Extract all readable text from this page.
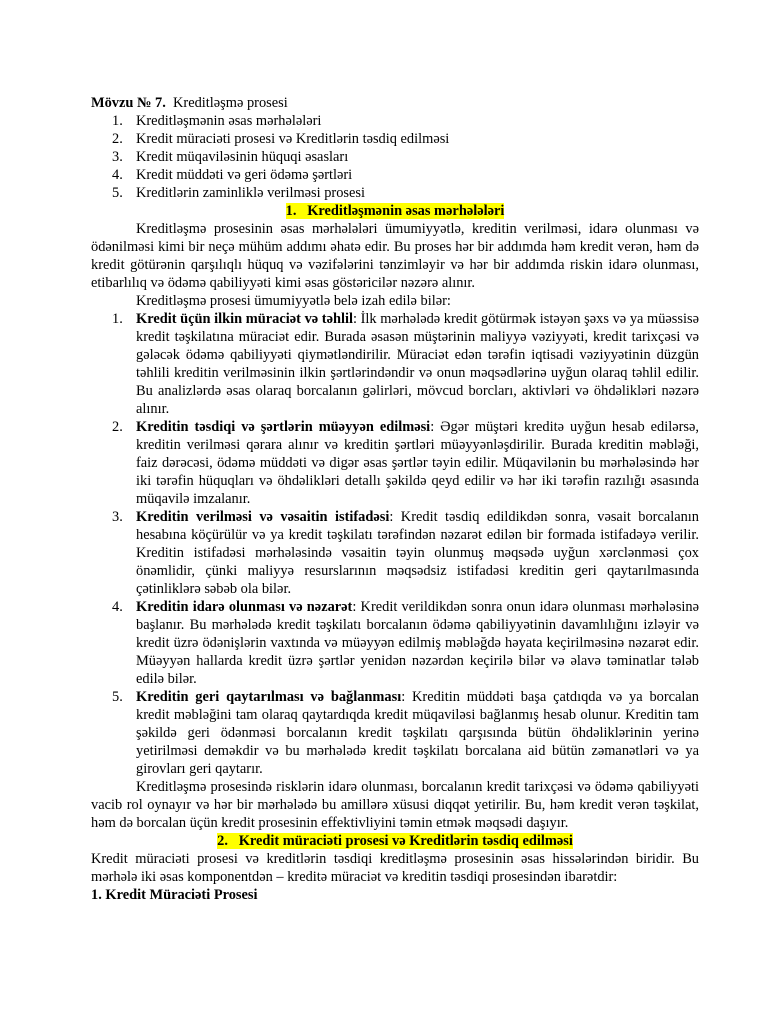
Mövzu № 7. Kreditləşmə prosesi

1. Kreditləşmənin əsas mərhələləri
2. Kredit müraciəti prosesi və Kreditlərin təsdiq edilməsi
3. Kredit müqaviləsinin hüquqi əsasları
4. Kredit müddəti və geri ödəmə şərtləri
5. Kreditlərin zaminliklə verilməsi prosesi

1.   Kreditləşmənin əsas mərhələləri

Kreditləşmə prosesinin əsas mərhələləri ümumiyyətlə, kreditin verilməsi, idarə olunması və ödənilməsi kimi bir neçə mühüm addımı əhatə edir. Bu proses hər bir addımda həm kredit verən, həm də kredit götürənin qarşılıqlı hüquq və vəzifələrini tənzimləyir və hər bir addımda riskin idarə olunması, etibarlılıq və ödəmə qabiliyyəti kimi əsas göstəricilər nəzərə alınır.

Kreditləşmə prosesi ümumiyyətlə belə izah edilə bilər:

1. Kredit üçün ilkin müraciət və təhlil: İlk mərhələdə kredit götürmək istəyən şəxs və ya müəssisə kredit təşkilatına müraciət edir. Burada əsasən müştərinin maliyyə vəziyyəti, kredit tarixçəsi və gələcək ödəmə qabiliyyəti qiymətləndirilir. Müraciət edən tərəfin iqtisadi vəziyyətinin düzgün təhlili kreditin verilməsinin ilkin şərtlərindəndir və onun məqsədlərinə uyğun olaraq təhlil edilir. Bu analizlərdə əsas olaraq borcalanın gəlirləri, mövcud borcları, aktivləri və öhdəlikləri nəzərə alınır.
2. Kreditin təsdiqi və şərtlərin müəyyən edilməsi: Əgər müştəri kreditə uyğun hesab edilərsə, kreditin verilməsi qərara alınır və kreditin şərtləri müəyyənləşdirilir. Burada kreditin məbləği, faiz dərəcəsi, ödəmə müddəti və digər əsas şərtlər təyin edilir. Müqavilənin bu mərhələsində hər iki tərəfin hüquqları və öhdəlikləri detallı şəkildə qeyd edilir və hər iki tərəfin razılığı əsasında müqavilə imzalanır.
3. Kreditin verilməsi və vəsaitin istifadəsi: Kredit təsdiq edildikdən sonra, vəsait borcalanın hesabına köçürülür və ya kredit təşkilatı tərəfindən nəzarət edilən bir formada istifadəyə verilir. Kreditin istifadəsi mərhələsində vəsaitin təyin olunmuş məqsədə uyğun xərclənməsi çox önəmlidir, çünki maliyyə resurslarının məqsədsiz istifadəsi kreditin geri qaytarılmasında çətinliklərə səbəb ola bilər.
4. Kreditin idarə olunması və nəzarət: Kredit verildikdən sonra onun idarə olunması mərhələsinə başlanır. Bu mərhələdə kredit təşkilatı borcalanın ödəmə qabiliyyətinin davamlılığını izləyir və kredit üzrə ödənişlərin vaxtında və müəyyən edilmiş məbləğdə həyata keçirilməsinə nəzarət edir. Müəyyən hallarda kredit üzrə şərtlər yenidən nəzərdən keçirilə bilər və əlavə təminatlar tələb edilə bilər.
5. Kreditin geri qaytarılması və bağlanması: Kreditin müddəti başa çatdıqda və ya borcalan kredit məbləğini tam olaraq qaytardıqda kredit müqaviləsi bağlanmış hesab olunur. Kreditin tam şəkildə geri ödənməsi borcalanın kredit təşkilatı qarşısında bütün öhdəliklərinin yerinə yetirilməsi deməkdir və bu mərhələdə kredit təşkilatı borcalana aid bütün zəmanətləri və ya girovları geri qaytarır.

Kreditləşmə prosesində risklərin idarə olunması, borcalanın kredit tarixçəsi və ödəmə qabiliyyəti vacib rol oynayır və hər bir mərhələdə bu amillərə xüsusi diqqət yetirilir. Bu, həm kredit verən təşkilat, həm də borcalan üçün kredit prosesinin effektivliyini təmin etmək məqsədi daşıyır.

2.   Kredit müraciəti prosesi və Kreditlərin təsdiq edilməsi

Kredit müraciəti prosesi və kreditlərin təsdiqi kreditləşmə prosesinin əsas hissələrindən biridir. Bu mərhələ iki əsas komponentdən – kreditə müraciət və kreditin təsdiqi prosesindən ibarətdir:

1. Kredit Müraciəti Prosesi
